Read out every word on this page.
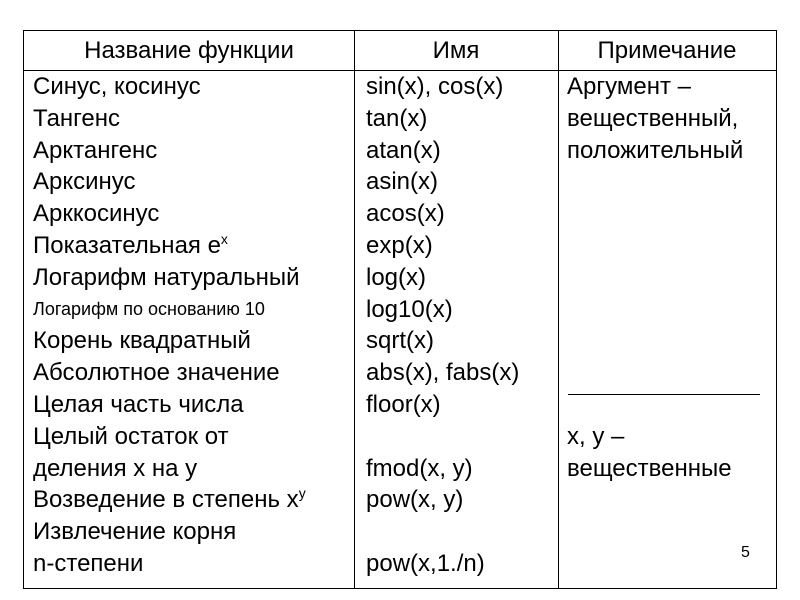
Название функции	Имя	Примечание
Синус, косинус
Тангенс
Арктангенс
Арксинус
Арккосинус
Показательная $e^x$
Логарифм натуральный
Логарифм по основанию 10
Корень квадратный
Абсолютное значение
Целая часть числа
Целый остаток от
деления x на y
Возведение в степень $x^y$
Извлечение корня
n-степени
sin(x), cos(x)
tan(x)
atan(x)
asin(x)
acos(x)
exp(x)
log(x)
log10(x)
sqrt(x)
abs(x), fabs(x)
floor(x)
fmod(x, y)
pow(x, y)
pow(x,1./n)
Аргумент –
вещественный,
положительный
x, y –
вещественные
5
